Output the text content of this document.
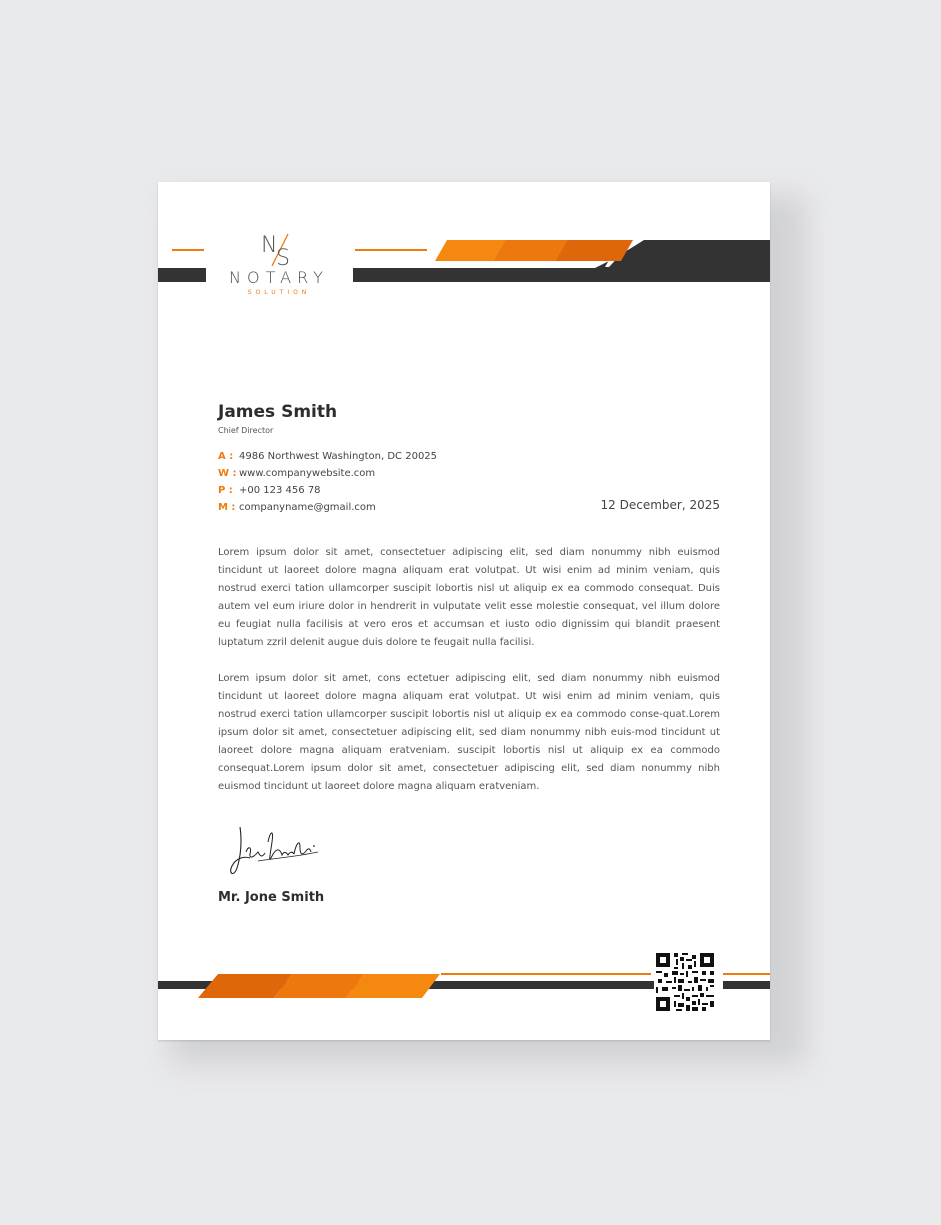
N
S
NOTARY
SOLUTION
James Smith
Chief Director
A : 4986 Northwest Washington, DC 20025
W : www.companywebsite.com
P : +00 123 456 78
M : companyname@gmail.com	12 December, 2025
Lorem ipsum dolor sit amet, consectetuer adipiscing elit, sed diam nonummy nibh euismod tincidunt ut laoreet dolore magna aliquam erat volutpat. Ut wisi enim ad minim veniam, quis nostrud exerci tation ullamcorper suscipit lobortis nisl ut aliquip ex ea commodo consequat. Duis autem vel eum iriure dolor in hendrerit in vulputate velit esse molestie consequat, vel illum dolore eu feugiat nulla facilisis at vero eros et accumsan et iusto odio dignissim qui blandit praesent luptatum zzril delenit augue duis dolore te feugait nulla facilisi.
Lorem ipsum dolor sit amet, cons ectetuer adipiscing elit, sed diam nonummy nibh euismod tincidunt ut laoreet dolore magna aliquam erat volutpat. Ut wisi enim ad minim veniam, quis nostrud exerci tation ullamcorper suscipit lobortis nisl ut aliquip ex ea commodo conse-quat.Lorem ipsum dolor sit amet, consectetuer adipiscing elit, sed diam nonummy nibh euis-mod tincidunt ut laoreet dolore magna aliquam eratveniam. suscipit lobortis nisl ut aliquip ex ea commodo consequat.Lorem ipsum dolor sit amet, consectetuer adipiscing elit, sed diam nonummy nibh euismod tincidunt ut laoreet dolore magna aliquam eratveniam.
Mr. Jone Smith
